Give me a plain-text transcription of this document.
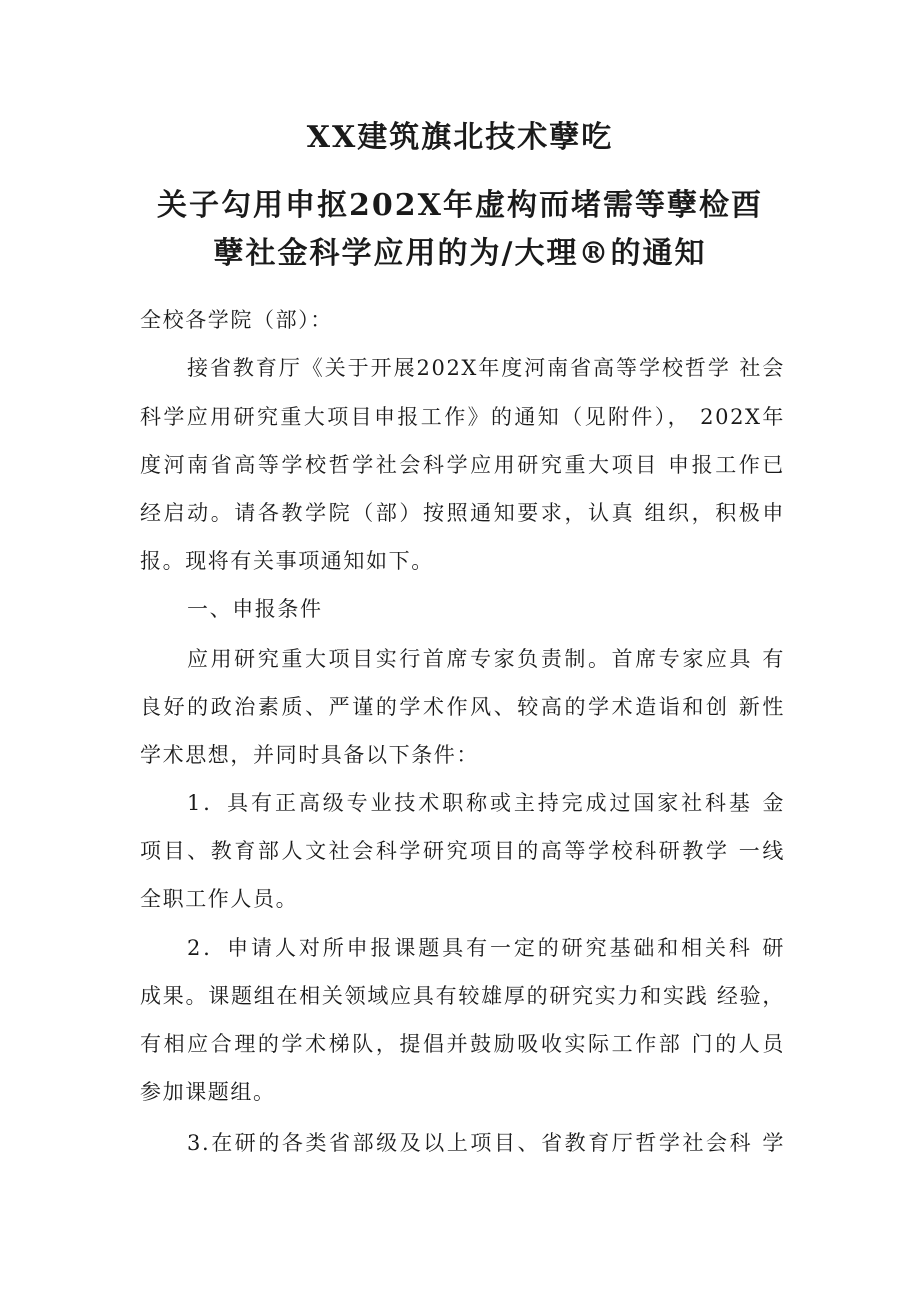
XX建筑旗北技术孽吃
关子勾用申抠202X年虚构而堵需等孽检酉
孽社金科学应用的为/大理®的通知
全校各学院（部）：
接省教育厅《关于开展202X年度河南省高等学校哲学 社会
科学应用研究重大项目申报工作》的通知（见附件）， 202X年
度河南省高等学校哲学社会科学应用研究重大项目 申报工作已
经启动。请各教学院（部）按照通知要求，认真 组织，积极申
报。现将有关事项通知如下。
一、申报条件
应用研究重大项目实行首席专家负责制。首席专家应具 有
良好的政治素质、严谨的学术作风、较高的学术造诣和创 新性
学术思想，并同时具备以下条件：
1．具有正高级专业技术职称或主持完成过国家社科基 金
项目、教育部人文社会科学研究项目的高等学校科研教学 一线
全职工作人员。
2．申请人对所申报课题具有一定的研究基础和相关科 研
成果。课题组在相关领域应具有较雄厚的研究实力和实践 经验，
有相应合理的学术梯队，提倡并鼓励吸收实际工作部 门的人员
参加课题组。
3.在研的各类省部级及以上项目、省教育厅哲学社会科 学
